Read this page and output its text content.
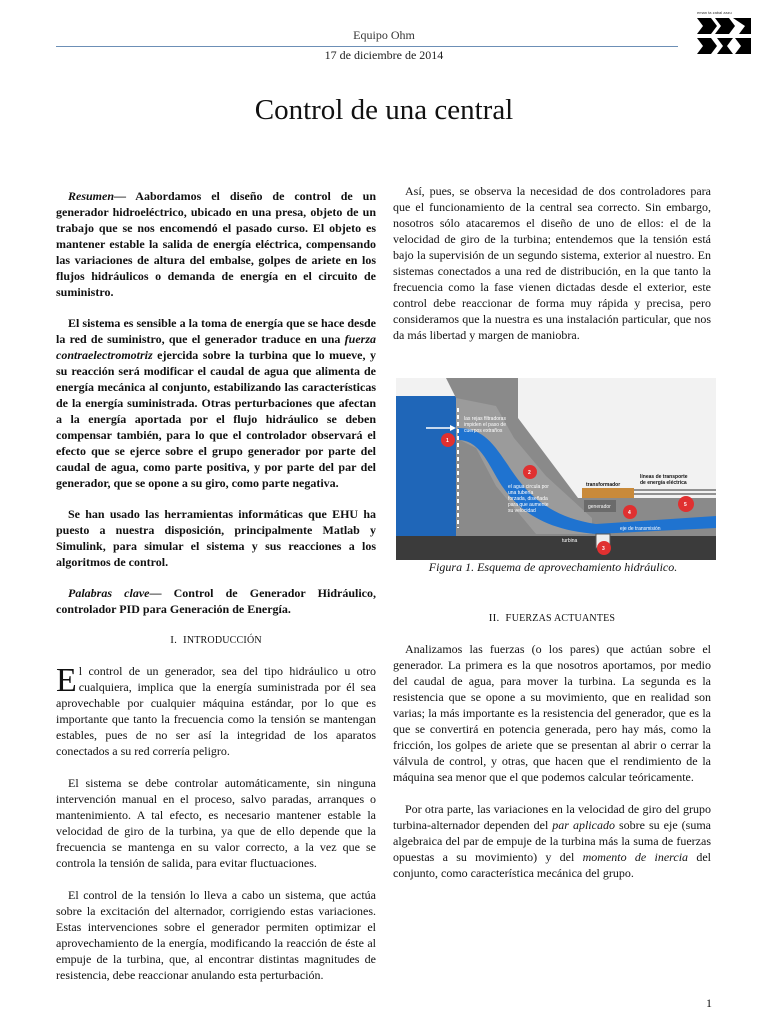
Equipo Ohm
17 de diciembre de 2014
eman ta zabal zazu
Control de una central

Resumen— Aabordamos el diseño de control de un generador hidroeléctrico, ubicado en una presa, objeto de un trabajo que se nos encomendó el pasado curso. El objeto es mantener estable la salida de energía eléctrica, compensando las variaciones de altura del embalse, golpes de ariete en los flujos hidráulicos o demanda de energía en el circuito de suministro.

El sistema es sensible a la toma de energía que se hace desde la red de suministro, que el generador traduce en una fuerza contraelectromotriz ejercida sobre la turbina que lo mueve, y su reacción será modificar el caudal de agua que alimenta de energía mecánica al conjunto, estabilizando las características de la energía suministrada. Otras perturbaciones que afectan a la energía aportada por el flujo hidráulico se deben compensar también, para lo que el controlador observará el efecto que se ejerce sobre el grupo generador por parte del caudal de agua, como parte positiva, y por parte del par del generador, que se opone a su giro, como parte negativa.

Se han usado las herramientas informáticas que EHU ha puesto a nuestra disposición, principalmente Matlab y Simulink, para simular el sistema y sus reacciones a los algoritmos de control.

Palabras clave— Control de Generador Hidráulico, controlador PID para Generación de Energía.

I. INTRODUCCIÓN

El control de un generador, sea del tipo hidráulico u otro cualquiera, implica que la energía suministrada por él sea aprovechable por cualquier máquina estándar, por lo que es importante que tanto la frecuencia como la tensión se mantengan estables, pues de no ser así la integridad de los aparatos conectados a su red correría peligro.

El sistema se debe controlar automáticamente, sin ninguna intervención manual en el proceso, salvo paradas, arranques o mantenimiento. A tal efecto, es necesario mantener estable la velocidad de giro de la turbina, ya que de ello depende que la frecuencia se mantenga en su valor correcto, a la vez que se controla la tensión de salida, para evitar fluctuaciones.

El control de la tensión lo lleva a cabo un sistema, que actúa sobre la excitación del alternador, corrigiendo estas variaciones. Estas intervenciones sobre el generador permiten optimizar el aprovechamiento de la energía, modificando la reacción de éste al empuje de la turbina, que, al encontrar distintas magnitudes de resistencia, debe reaccionar anulando esta perturbación.

Así, pues, se observa la necesidad de dos controladores para que el funcionamiento de la central sea correcto. Sin embargo, nosotros sólo atacaremos el diseño de uno de ellos: el de la velocidad de giro de la turbina; entendemos que la tensión está bajo la supervisión de un segundo sistema, exterior al nuestro. En sistemas conectados a una red de distribución, en la que tanto la frecuencia como la fase vienen dictadas desde el exterior, este control debe reaccionar de forma muy rápida y precisa, pero consideramos que la nuestra es una instalación particular, que nos da más libertad y margen de maniobra.

1
2
3
4
5
las rejas filtradoras
impiden el paso de
cuerpos extraños
el agua circula por
una tubería
forzada, diseñada
para que aumente
su velocidad
transformador
generador
líneas de transporte
de energía eléctrica
eje de transmisión
turbina
Figura 1. Esquema de aprovechamiento hidráulico.
II. FUERZAS ACTUANTES

Analizamos las fuerzas (o los pares) que actúan sobre el generador. La primera es la que nosotros aportamos, por medio del caudal de agua, para mover la turbina. La segunda es la resistencia que se opone a su movimiento, que en realidad son varias; la más importante es la resistencia del generador, que es la que se convertirá en potencia generada, pero hay más, como la fricción, los golpes de ariete que se presentan al abrir o cerrar la válvula de control, y otras, que hacen que el rendimiento de la máquina sea menor que el que podemos calcular teóricamente.

Por otra parte, las variaciones en la velocidad de giro del grupo turbina-alternador dependen del par aplicado sobre su eje (suma algebraica del par de empuje de la turbina más la suma de fuerzas opuestas a su movimiento) y del momento de inercia del conjunto, como característica mecánica del grupo.

1
